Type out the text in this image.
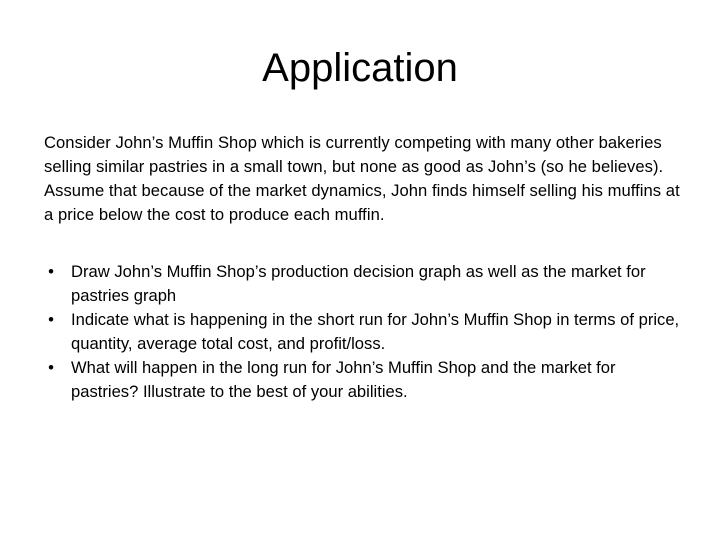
Application

Consider John’s Muffin Shop which is currently competing with many other bakeries selling similar pastries in a small town, but none as good as John’s (so he believes). Assume that because of the market dynamics, John finds himself selling his muffins at a price below the cost to produce each muffin.

• Draw John’s Muffin Shop’s production decision graph as well as the market for pastries graph
• Indicate what is happening in the short run for John’s Muffin Shop in terms of price, quantity, average total cost, and profit/loss.
• What will happen in the long run for John’s Muffin Shop and the market for pastries? Illustrate to the best of your abilities.
